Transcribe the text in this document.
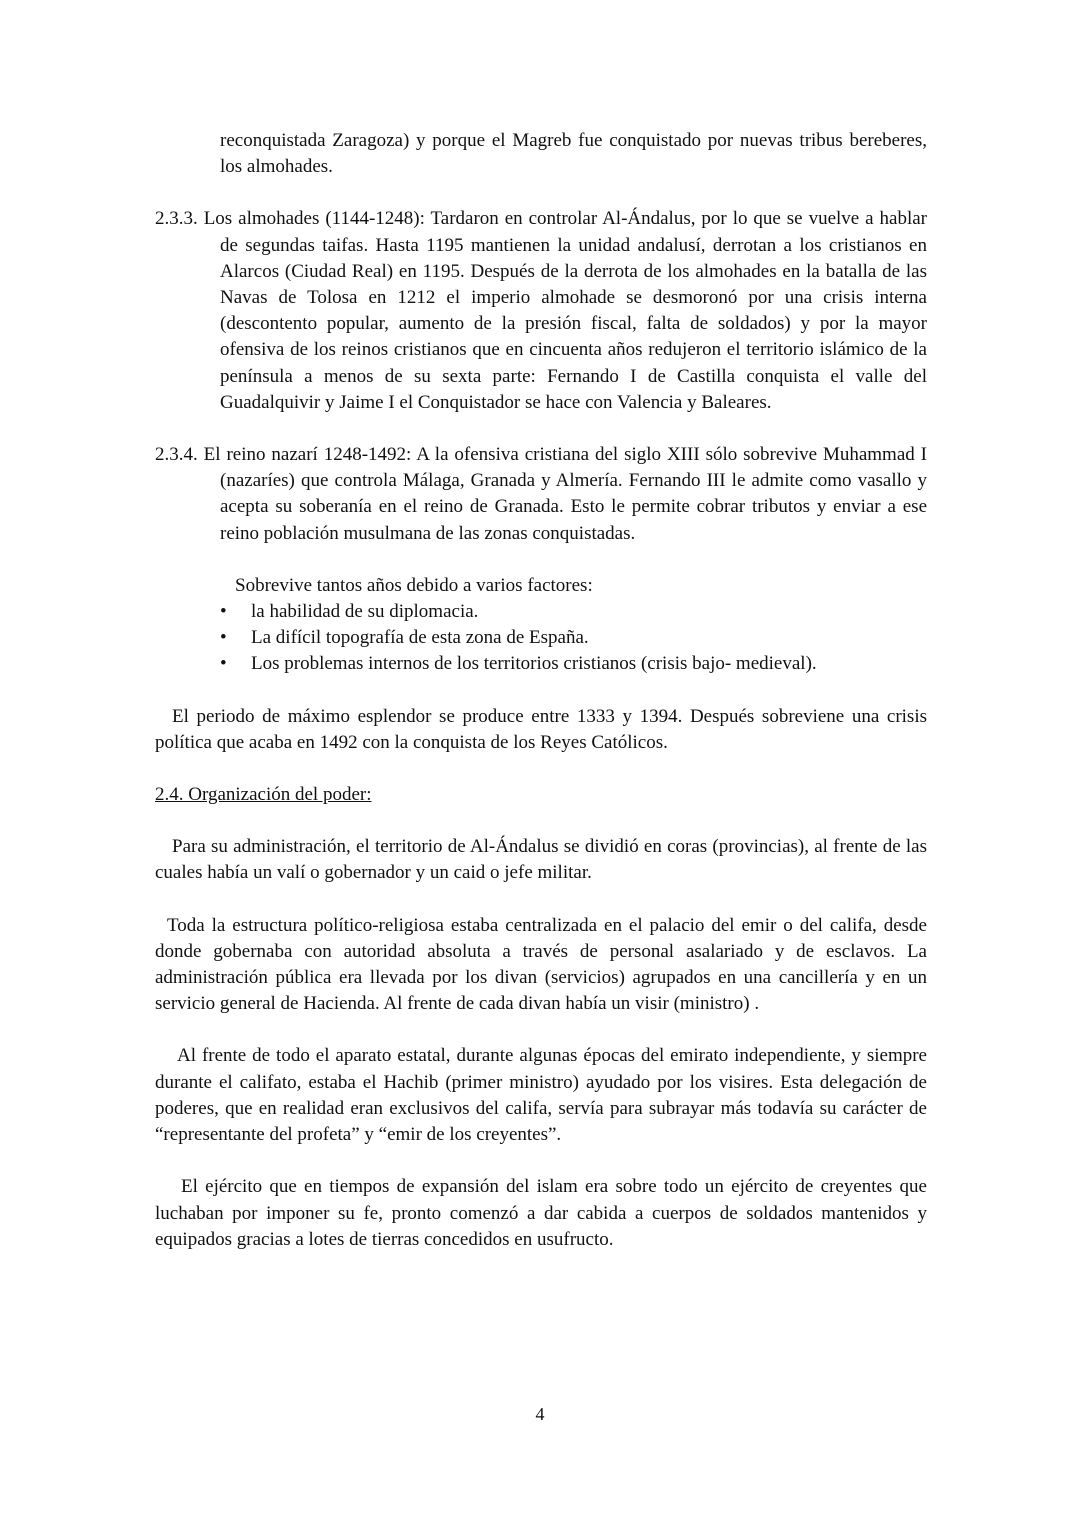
reconquistada Zaragoza) y porque el Magreb fue conquistado por nuevas tribus bereberes, los almohades.

2.3.3. Los almohades (1144-1248): Tardaron en controlar Al-Ándalus, por lo que se vuelve a hablar de segundas taifas. Hasta 1195 mantienen la unidad andalusí, derrotan a los cristianos en Alarcos (Ciudad Real) en 1195. Después de la derrota de los almohades en la batalla de las Navas de Tolosa en 1212 el imperio almohade se desmoronó por una crisis interna (descontento popular, aumento de la presión fiscal, falta de soldados) y por la mayor ofensiva de los reinos cristianos que en cincuenta años redujeron el territorio islámico de la península a menos de su sexta parte: Fernando I de Castilla conquista el valle del Guadalquivir y Jaime I el Conquistador se hace con Valencia y Baleares.

2.3.4. El reino nazarí 1248-1492: A la ofensiva cristiana del siglo XIII sólo sobrevive Muhammad I (nazaríes) que controla Málaga, Granada y Almería. Fernando III le admite como vasallo y acepta su soberanía en el reino de Granada. Esto le permite cobrar tributos y enviar a ese reino población musulmana de las zonas conquistadas.

Sobrevive tantos años debido a varios factores:

• la habilidad de su diplomacia.
• La difícil topografía de esta zona de España.
• Los problemas internos de los territorios cristianos (crisis bajo- medieval).

El periodo de máximo esplendor se produce entre 1333 y 1394. Después sobreviene una crisis política que acaba en 1492 con la conquista de los Reyes Católicos.

2.4. Organización del poder:

Para su administración, el territorio de Al-Ándalus se dividió en coras (provincias), al frente de las cuales había un valí o gobernador y un caid o jefe militar.

Toda la estructura político-religiosa estaba centralizada en el palacio del emir o del califa, desde donde gobernaba con autoridad absoluta a través de personal asalariado y de esclavos. La administración pública era llevada por los divan (servicios) agrupados en una cancillería y en un servicio general de Hacienda. Al frente de cada divan había un visir (ministro) .

Al frente de todo el aparato estatal, durante algunas épocas del emirato independiente, y siempre durante el califato, estaba el Hachib (primer ministro) ayudado por los visires. Esta delegación de poderes, que en realidad eran exclusivos del califa, servía para subrayar más todavía su carácter de “representante del profeta” y “emir de los creyentes”.

El ejército que en tiempos de expansión del islam era sobre todo un ejército de creyentes que luchaban por imponer su fe, pronto comenzó a dar cabida a cuerpos de soldados mantenidos y equipados gracias a lotes de tierras concedidos en usufructo.

4
